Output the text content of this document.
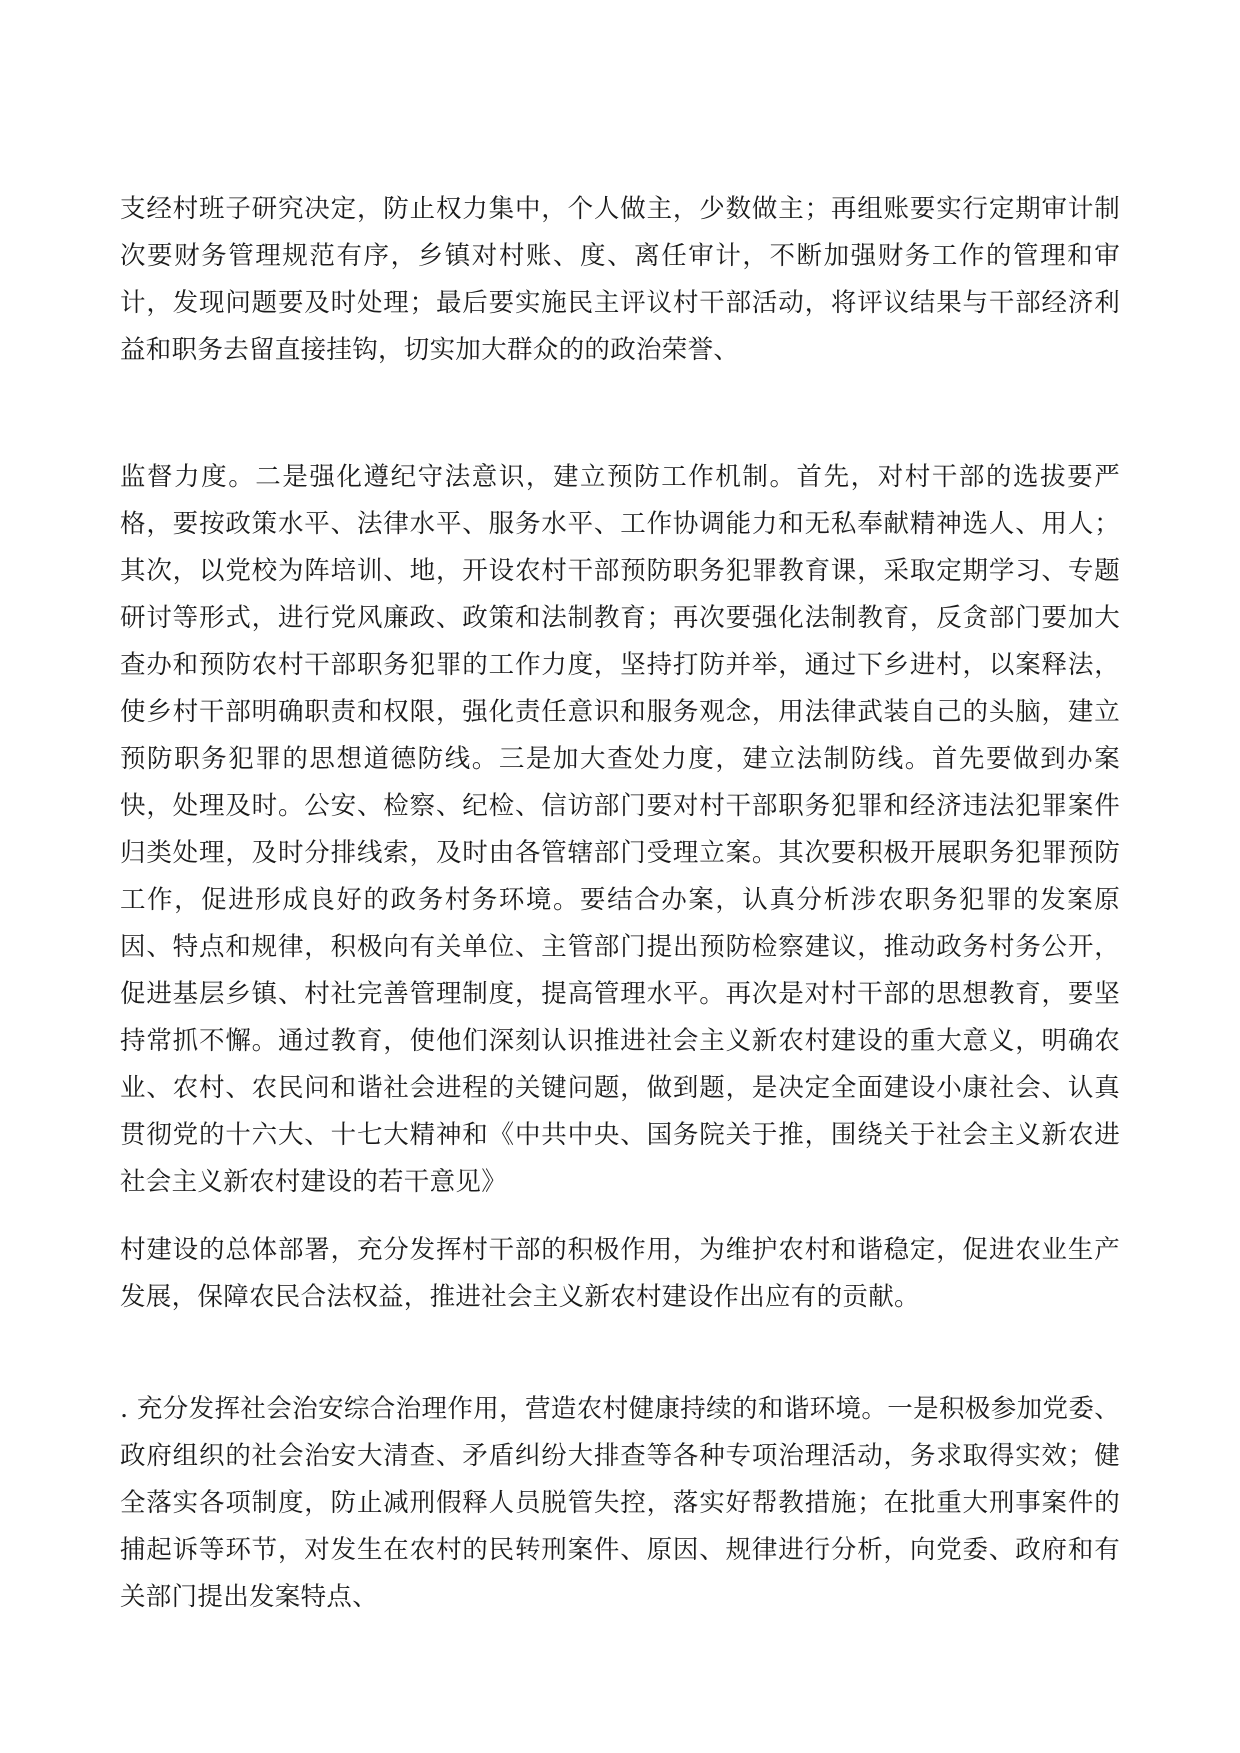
支经村班子研究决定，防止权力集中，个人做主，少数做主；再组账要实行定期审计制次要财务管理规范有序，乡镇对村账、度、离任审计，不断加强财务工作的管理和审计，发现问题要及时处理；最后要实施民主评议村干部活动，将评议结果与干部经济利益和职务去留直接挂钩，切实加大群众的的政治荣誉、

监督力度。二是强化遵纪守法意识，建立预防工作机制。首先，对村干部的选拔要严格，要按政策水平、法律水平、服务水平、工作协调能力和无私奉献精神选人、用人；其次，以党校为阵培训、地，开设农村干部预防职务犯罪教育课，采取定期学习、专题研讨等形式，进行党风廉政、政策和法制教育；再次要强化法制教育，反贪部门要加大查办和预防农村干部职务犯罪的工作力度，坚持打防并举，通过下乡进村，以案释法，使乡村干部明确职责和权限，强化责任意识和服务观念，用法律武装自己的头脑，建立预防职务犯罪的思想道德防线。三是加大查处力度，建立法制防线。首先要做到办案快，处理及时。公安、检察、纪检、信访部门要对村干部职务犯罪和经济违法犯罪案件归类处理，及时分排线索，及时由各管辖部门受理立案。其次要积极开展职务犯罪预防工作，促进形成良好的政务村务环境。要结合办案，认真分析涉农职务犯罪的发案原因、特点和规律，积极向有关单位、主管部门提出预防检察建议，推动政务村务公开，促进基层乡镇、村社完善管理制度，提高管理水平。再次是对村干部的思想教育，要坚持常抓不懈。通过教育，使他们深刻认识推进社会主义新农村建设的重大意义，明确农业、农村、农民问和谐社会进程的关键问题，做到题，是决定全面建设小康社会、认真贯彻党的十六大、十七大精神和《中共中央、国务院关于推，围绕关于社会主义新农进社会主义新农村建设的若干意见》

村建设的总体部署，充分发挥村干部的积极作用，为维护农村和谐稳定，促进农业生产发展，保障农民合法权益，推进社会主义新农村建设作出应有的贡献。

. 充分发挥社会治安综合治理作用，营造农村健康持续的和谐环境。一是积极参加党委、政府组织的社会治安大清查、矛盾纠纷大排查等各种专项治理活动，务求取得实效；健全落实各项制度，防止减刑假释人员脱管失控，落实好帮教措施；在批重大刑事案件的捕起诉等环节，对发生在农村的民转刑案件、原因、规律进行分析，向党委、政府和有关部门提出发案特点、
